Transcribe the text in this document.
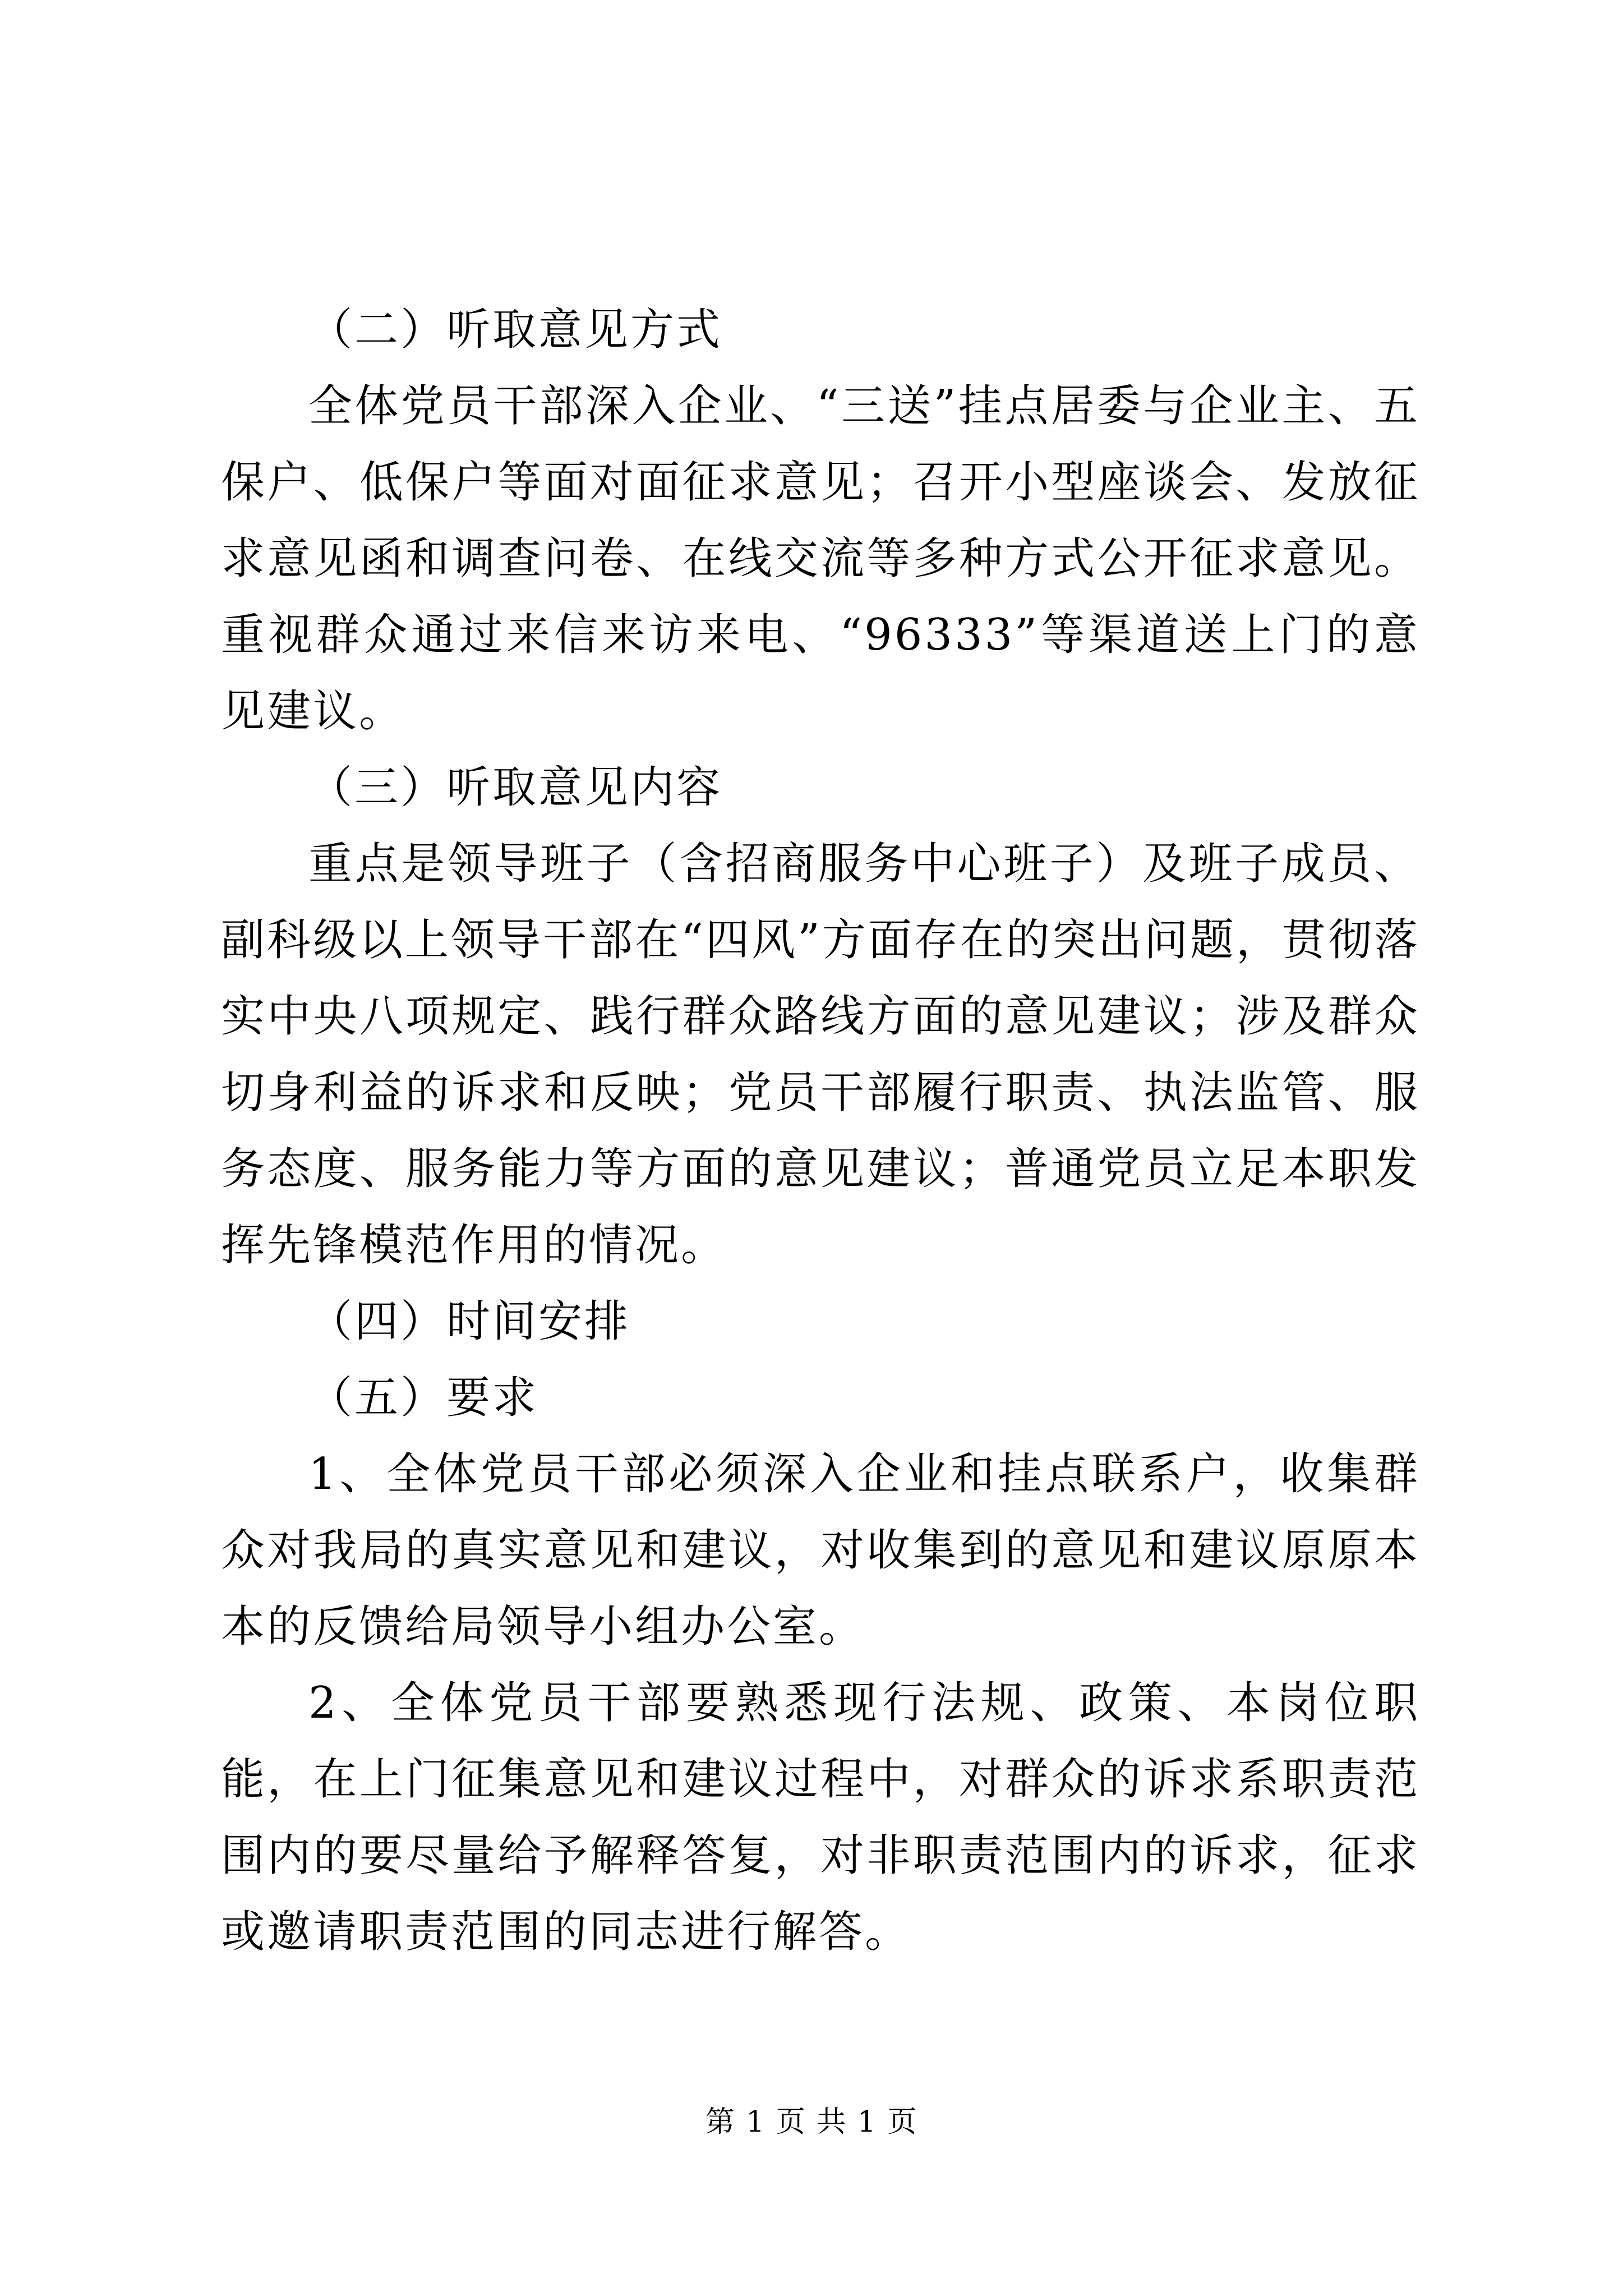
（二）听取意见方式

全体党员干部深入企业、“三送”挂点居委与企业主、五保户、低保户等面对面征求意见；召开小型座谈会、发放征求意见函和调查问卷、在线交流等多种方式公开征求意见。重视群众通过来信来访来电、“96333”等渠道送上门的意见建议。

（三）听取意见内容

重点是领导班子（含招商服务中心班子）及班子成员、副科级以上领导干部在“四风”方面存在的突出问题，贯彻落实中央八项规定、践行群众路线方面的意见建议；涉及群众切身利益的诉求和反映；党员干部履行职责、执法监管、服务态度、服务能力等方面的意见建议；普通党员立足本职发挥先锋模范作用的情况。

（四）时间安排

（五）要求

1、全体党员干部必须深入企业和挂点联系户，收集群众对我局的真实意见和建议，对收集到的意见和建议原原本本的反馈给局领导小组办公室。

2、全体党员干部要熟悉现行法规、政策、本岗位职能，在上门征集意见和建议过程中，对群众的诉求系职责范围内的要尽量给予解释答复，对非职责范围内的诉求，征求或邀请职责范围的同志进行解答。

第 1 页 共 1 页
